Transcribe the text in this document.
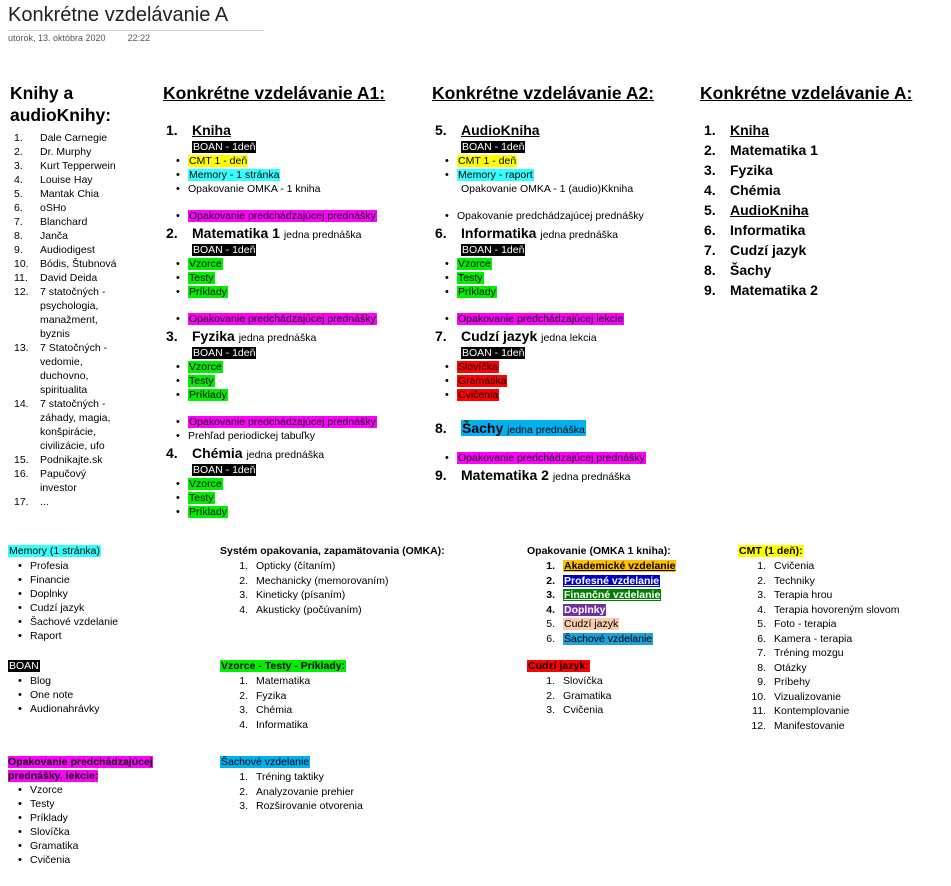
Konkrétne vzdelávanie A
utorok, 13. októbra 2020 22:22
Knihy a
audioKnihy:
1. Dale Carnegie
2. Dr. Murphy
3. Kurt Tepperwein
4. Louise Hay
5. Mantak Chia
6. oSHo
7. Blanchard
8. Janča
9. Audiodigest
10. Bódis, Štubnová
11. David Deida
12. 7 statočných -
psychologia,
manažment,
byznis
13. 7 Statočných -
vedomie,
duchovno,
spiritualita
14. 7 statočných -
záhady, magia,
konšpirácie,
civilizácie, ufo
15. Podnikajte.sk
16. Papučový
investor
17. ...
Konkrétne vzdelávanie A1:
1. Kniha
BOAN - 1deň
• CMT 1 - deň
• Memory - 1 stránka
• Opakovanie OMKA - 1 kniha
• Opakovanie predchádzajúcej prednášky
2. Matematika 1 jedna prednáška
BOAN - 1deň
• Vzorce
• Testy
• Príklady
• Opakovanie predchádzajúcej prednášky
3. Fyzika jedna prednáška
BOAN - 1deň
• Vzorce
• Testy
• Príklady
• Opakovanie predchádzajúcej prednášky
• Prehľad periodickej tabuľky
4. Chémia jedna prednáška
BOAN - 1deň
• Vzorce
• Testy
• Príklady
Konkrétne vzdelávanie A2:
5. AudioKniha
BOAN - 1deň
• CMT 1 - deň
• Memory - raport
Opakovanie OMKA - 1 (audio)Kkniha
• Opakovanie predchádzajúcej prednášky
6. Informatika jedna prednáška
BOAN - 1deň
• Vzorce
• Testy
• Príklady
• Opakovanie predchádzajúcej lekcie
7. Cudzí jazyk jedna lekcia
BOAN - 1deň
• Slovíčka
• Gramatika
• Cvičenia
8. Šachy jedna prednáška
• Opakovanie predchádzajúcej prednášky
9. Matematika 2 jedna prednáška
Konkrétne vzdelávanie A:
1. Kniha
2. Matematika 1
3. Fyzika
4. Chémia
5. AudioKniha
6. Informatika
7. Cudzí jazyk
8. Šachy
9. Matematika 2
Memory (1 stránka)
• Profesia
• Financie
• Doplnky
• Cudzí jazyk
• Šachové vzdelanie
• Raport
BOAN
• Blog
• One note
• Audionahrávky
Opakovanie predchádzajúcej
prednášky, lekcie:
• Vzorce
• Testy
• Príklady
• Slovíčka
• Gramatika
• Cvičenia
Systém opakovania, zapamätovania (OMKA):
1. Opticky (čítaním)
2. Mechanicky (memorovaním)
3. Kineticky (písaním)
4. Akusticky (počúvaním)
Vzorce - Testy - Príklady:
1. Matematika
2. Fyzika
3. Chémia
4. Informatika
Šachové vzdelanie
1. Tréning taktiky
2. Analyzovanie prehier
3. Rozširovanie otvorenia
Opakovanie (OMKA 1 kniha):
1. Akademické vzdelanie
2. Profesné vzdelanie
3. Finančné vzdelanie
4. Doplnky
5. Cudzí jazyk
6. Šachové vzdelanie
Cudzí jazyk:
1. Slovíčka
2. Gramatika
3. Cvičenia
CMT (1 deň):
1. Cvičenia
2. Techniky
3. Terapia hrou
4. Terapia hovoreným slovom
5. Foto - terapia
6. Kamera - terapia
7. Tréning mozgu
8. Otázky
9. Príbehy
10. Vizualizovanie
11. Kontemplovanie
12. Manifestovanie
